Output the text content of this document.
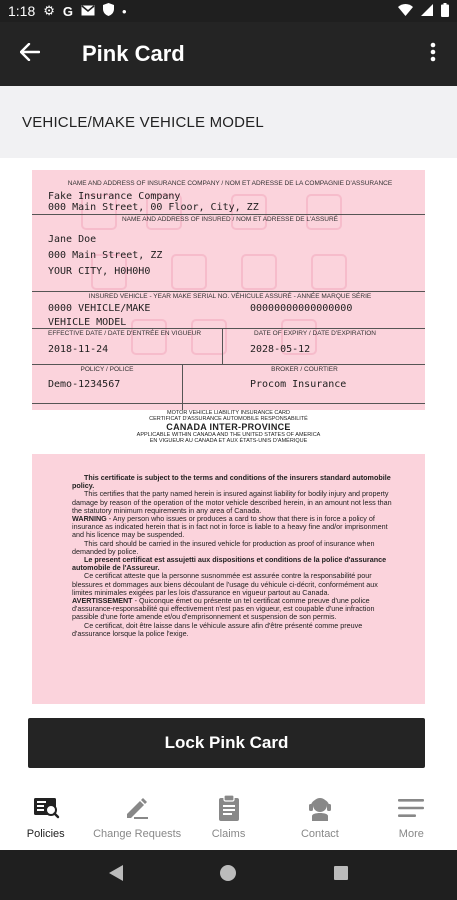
1:18 ⚙ G	•
Pink Card
VEHICLE/MAKE VEHICLE MODEL
NAME AND ADDRESS OF INSURANCE COMPANY / NOM ET ADRESSE DE LA COMPAGNIE D'ASSURANCE
Fake Insurance Company
000 Main Street, 00 Floor, City, ZZ
NAME AND ADDRESS OF INSURED / NOM ET ADRESSE DE L'ASSURÉ
Jane Doe
000 Main Street, ZZ
YOUR CITY, H0H0H0
INSURED VEHICLE - YEAR MAKE SERIAL NO. VÉHICULE ASSURÉ - ANNÉE MARQUE SÉRIE
0000 VEHICLE/MAKE	00000000000000000
VEHICLE MODEL
EFFECTIVE DATE / DATE D'ENTRÉE EN VIGUEUR	DATE OF EXPIRY / DATE D'EXPIRATION
2018-11-24	2028-05-12
POLICY / POLICE	BROKER / COURTIER
Demo-1234567	Procom Insurance
MOTOR VEHICLE LIABILITY INSURANCE CARD
CERTIFICAT D'ASSURANCE AUTOMOBILE RESPONSABILITÉ
CANADA INTER-PROVINCE
APPLICABLE WITHIN CANADA AND THE UNITED STATES OF AMERICA
EN VIGUEUR AU CANADA ET AUX ÉTATS-UNIS D'AMÉRIQUE

This certificate is subject to the terms and conditions of the insurers standard automobile policy.

This certifies that the party named herein is insured against liability for bodily injury and property damage by reason of the operation of the motor vehicle described herein, in an amount not less than the statutory minimum requirements in any area of Canada.

WARNING - Any person who issues or produces a card to show that there is in force a policy of insurance as indicated herein that is in fact not in force is liable to a heavy fine and/or imprisonment and his licence may be suspended.

This card should be carried in the insured vehicle for production as proof of insurance when demanded by police.

Le present certificat est assujetti aux dispositions et conditions de la police d'assurance automobile de l'Assureur.

Ce certificat atteste que la personne susnommée est assurée contre la responsabilité pour blessures et dommages aux biens découlant de l'usage du véhicule ci-décrit, conformément aux limites minimales exigées par les lois d'assurance en vigueur partout au Canada.

AVERTISSEMENT - Quiconque émet ou présente un tel certificat comme preuve d'une police d'assurance-responsabilité qui effectivement n'est pas en vigueur, est coupable d'une infraction passible d'une forte amende et/ou d'emprisonnement et suspension de son permis.

Ce certificat, doit être laisse dans le véhicule assure afin d'être présenté comme preuve d'assurance lorsque la police l'exige.

Lock Pink Card
Policies	Change Requests	Claims	Contact	More
